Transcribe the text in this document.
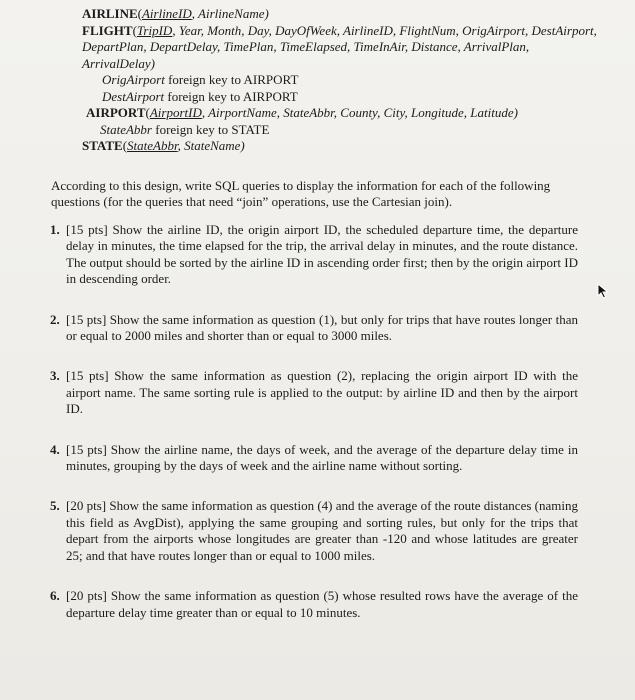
AIRLINE(AirlineID, AirlineName)
FLIGHT(TripID, Year, Month, Day, DayOfWeek, AirlineID, FlightNum, OrigAirport, DestAirport, DepartPlan, DepartDelay, TimePlan, TimeElapsed, TimeInAir, Distance, ArrivalPlan, ArrivalDelay)
OrigAirport foreign key to AIRPORT
DestAirport foreign key to AIRPORT
AIRPORT(AirportID, AirportName, StateAbbr, County, City, Longitude, Latitude)
StateAbbr foreign key to STATE
STATE(StateAbbr, StateName)
According to this design, write SQL queries to display the information for each of the following questions (for the queries that need “join” operations, use the Cartesian join).
1. [15 pts] Show the airline ID, the origin airport ID, the scheduled departure time, the departure delay in minutes, the time elapsed for the trip, the arrival delay in minutes, and the route distance. The output should be sorted by the airline ID in ascending order first; then by the origin airport ID in descending order.
2. [15 pts] Show the same information as question (1), but only for trips that have routes longer than or equal to 2000 miles and shorter than or equal to 3000 miles.
3. [15 pts] Show the same information as question (2), replacing the origin airport ID with the airport name. The same sorting rule is applied to the output: by airline ID and then by the airport ID.
4. [15 pts] Show the airline name, the days of week, and the average of the departure delay time in minutes, grouping by the days of week and the airline name without sorting.
5. [20 pts] Show the same information as question (4) and the average of the route distances (naming this field as AvgDist), applying the same grouping and sorting rules, but only for the trips that depart from the airports whose longitudes are greater than -120 and whose latitudes are greater 25; and that have routes longer than or equal to 1000 miles.
6. [20 pts] Show the same information as question (5) whose resulted rows have the average of the departure delay time greater than or equal to 10 minutes.
